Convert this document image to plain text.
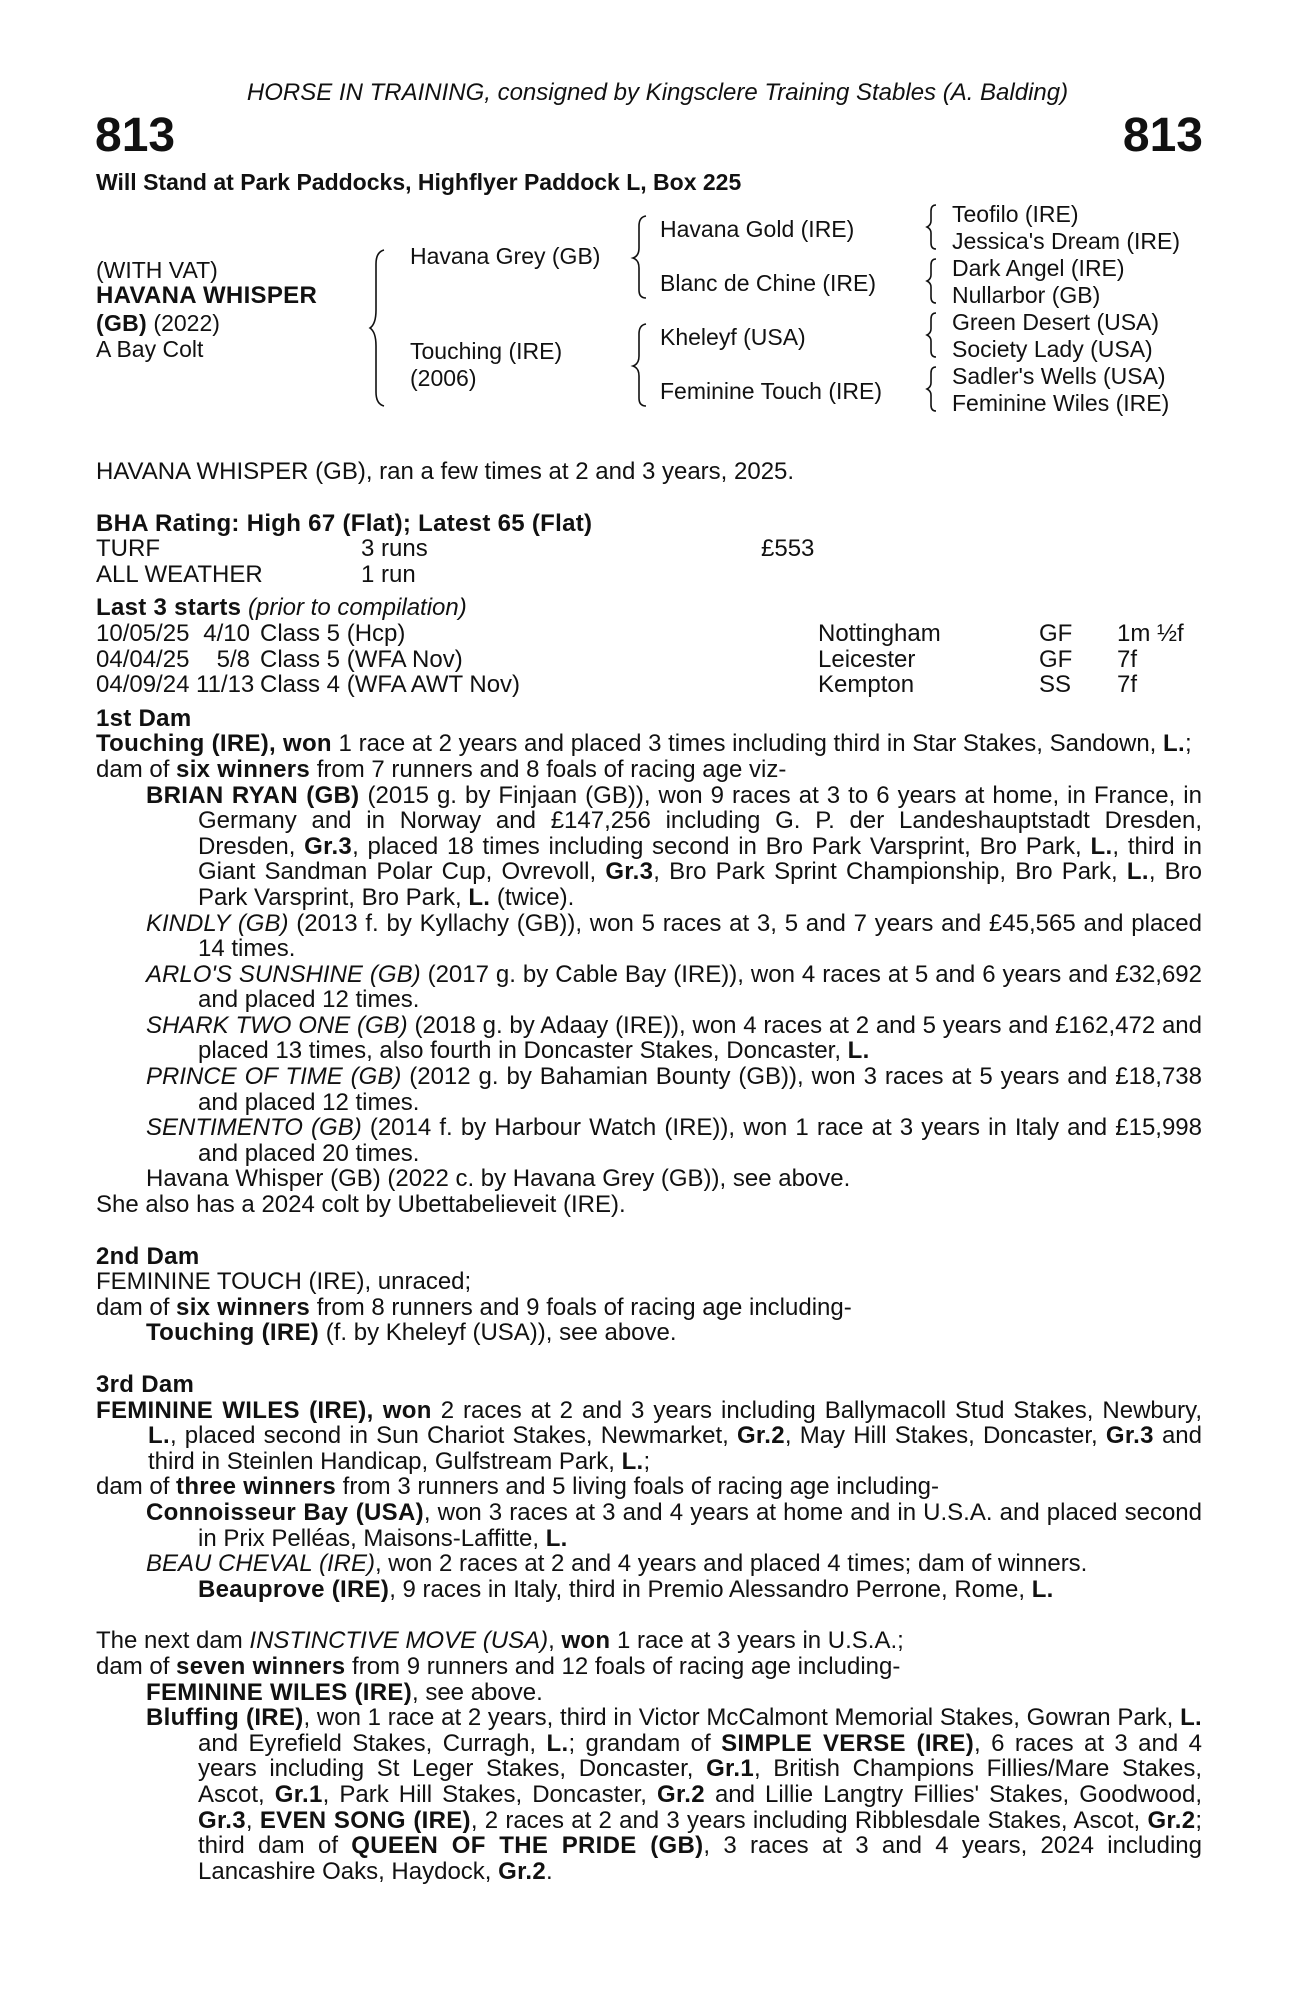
HORSE IN TRAINING, consigned by Kingsclere Training Stables (A. Balding)
813	813
Will Stand at Park Paddocks, Highflyer Paddock L, Box 225
(WITH VAT)
HAVANA WHISPER
(GB) (2022)
A Bay Colt
Havana Grey (GB)
Touching (IRE)
(2006)
Havana Gold (IRE)
Blanc de Chine (IRE)
Kheleyf (USA)
Feminine Touch (IRE)
Teofilo (IRE)
Jessica's Dream (IRE)
Dark Angel (IRE)
Nullarbor (GB)
Green Desert (USA)
Society Lady (USA)
Sadler's Wells (USA)
Feminine Wiles (IRE)
HAVANA WHISPER (GB), ran a few times at 2 and 3 years, 2025.
BHA Rating: High 67 (Flat); Latest 65 (Flat)
TURF	3 runs	£553
ALL WEATHER	1 run
Last 3 starts (prior to compilation)
10/05/25 4/10 Class 5 (Hcp)	Nottingham	GF 1m ½f
04/04/25	5/8 Class 5 (WFA Nov)	Leicester	GF 7f
04/09/24 11/13 Class 4 (WFA AWT Nov)	Kempton	SS 7f
1st Dam
Touching (IRE), won 1 race at 2 years and placed 3 times including third in Star Stakes, Sandown, L.;
dam of six winners from 7 runners and 8 foals of racing age viz-
BRIAN RYAN (GB) (2015 g. by Finjaan (GB)), won 9 races at 3 to 6 years at home, in France, in Germany and in Norway and £147,256 including G. P. der Landeshauptstadt Dresden, Dresden, Gr.3, placed 18 times including second in Bro Park Varsprint, Bro Park, L., third in Giant Sandman Polar Cup, Ovrevoll, Gr.3, Bro Park Sprint Championship, Bro Park, L., Bro Park Varsprint, Bro Park, L. (twice).
KINDLY (GB) (2013 f. by Kyllachy (GB)), won 5 races at 3, 5 and 7 years and £45,565 and placed 14 times.
ARLO'S SUNSHINE (GB) (2017 g. by Cable Bay (IRE)), won 4 races at 5 and 6 years and £32,692 and placed 12 times.
SHARK TWO ONE (GB) (2018 g. by Adaay (IRE)), won 4 races at 2 and 5 years and £162,472 and placed 13 times, also fourth in Doncaster Stakes, Doncaster, L.
PRINCE OF TIME (GB) (2012 g. by Bahamian Bounty (GB)), won 3 races at 5 years and £18,738 and placed 12 times.
SENTIMENTO (GB) (2014 f. by Harbour Watch (IRE)), won 1 race at 3 years in Italy and £15,998 and placed 20 times.
Havana Whisper (GB) (2022 c. by Havana Grey (GB)), see above.
She also has a 2024 colt by Ubettabelieveit (IRE).
2nd Dam
FEMININE TOUCH (IRE), unraced;
dam of six winners from 8 runners and 9 foals of racing age including-
Touching (IRE) (f. by Kheleyf (USA)), see above.
3rd Dam
FEMININE WILES (IRE), won 2 races at 2 and 3 years including Ballymacoll Stud Stakes, Newbury, L., placed second in Sun Chariot Stakes, Newmarket, Gr.2, May Hill Stakes, Doncaster, Gr.3 and third in Steinlen Handicap, Gulfstream Park, L.;
dam of three winners from 3 runners and 5 living foals of racing age including-
Connoisseur Bay (USA), won 3 races at 3 and 4 years at home and in U.S.A. and placed second in Prix Pelléas, Maisons-Laffitte, L.
BEAU CHEVAL (IRE), won 2 races at 2 and 4 years and placed 4 times; dam of winners.
Beauprove (IRE), 9 races in Italy, third in Premio Alessandro Perrone, Rome, L.
The next dam INSTINCTIVE MOVE (USA), won 1 race at 3 years in U.S.A.;
dam of seven winners from 9 runners and 12 foals of racing age including-
FEMININE WILES (IRE), see above.
Bluffing (IRE), won 1 race at 2 years, third in Victor McCalmont Memorial Stakes, Gowran Park, L. and Eyrefield Stakes, Curragh, L.; grandam of SIMPLE VERSE (IRE), 6 races at 3 and 4 years including St Leger Stakes, Doncaster, Gr.1, British Champions Fillies/Mare Stakes, Ascot, Gr.1, Park Hill Stakes, Doncaster, Gr.2 and Lillie Langtry Fillies' Stakes, Goodwood, Gr.3, EVEN SONG (IRE), 2 races at 2 and 3 years including Ribblesdale Stakes, Ascot, Gr.2; third dam of QUEEN OF THE PRIDE (GB), 3 races at 3 and 4 years, 2024 including Lancashire Oaks, Haydock, Gr.2.
